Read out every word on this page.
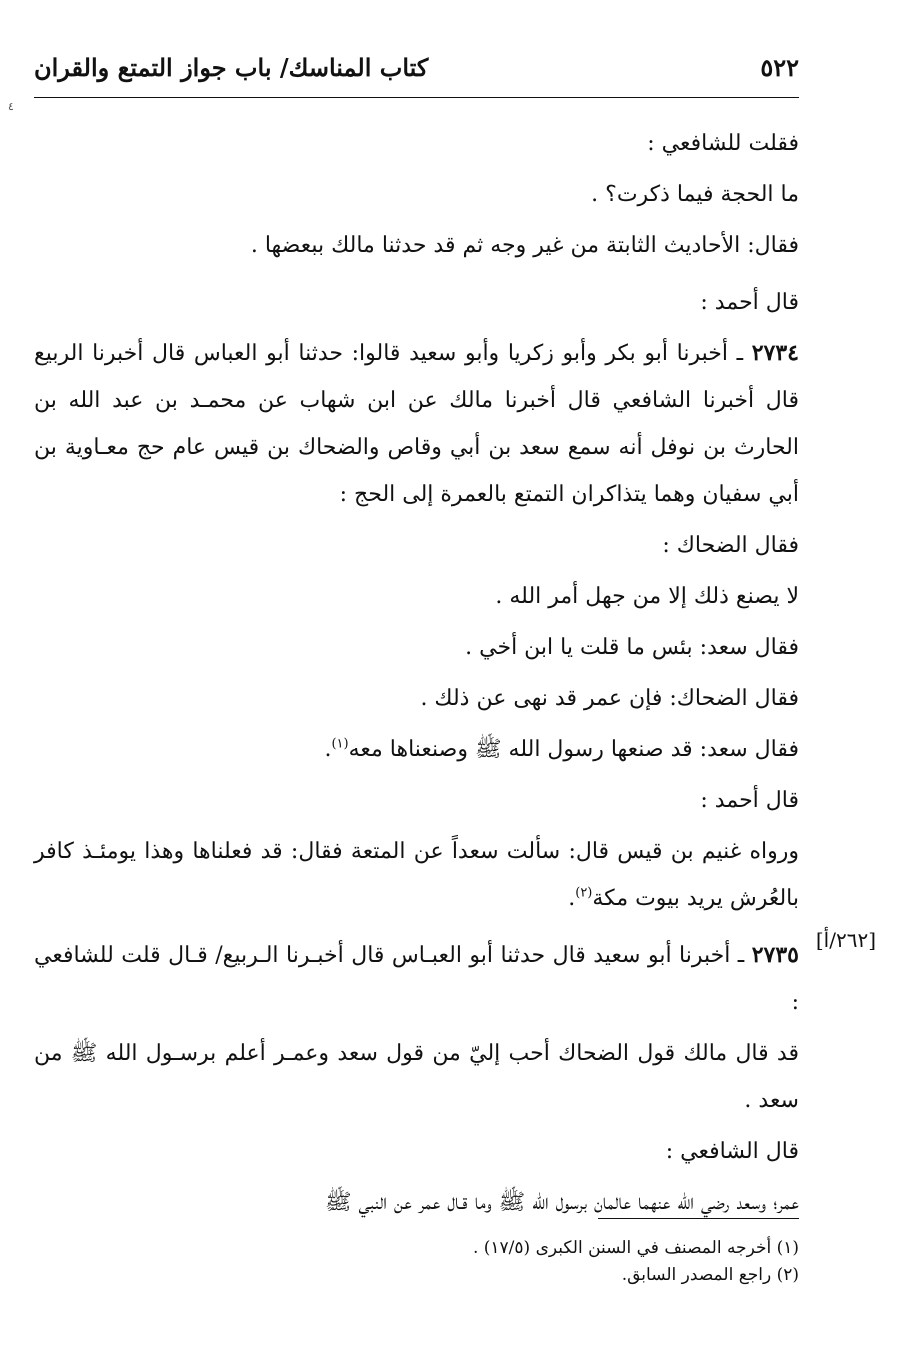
٥٢٢
كتاب المناسك/ باب جواز التمتع والقران
٤
[٢٦٢/أ]

فقلت للشافعي :

ما الحجة فيما ذكرت؟ .

فقال: الأحاديث الثابتة من غير وجه ثم قد حدثنا مالك ببعضها .

قال أحمد :

٢٧٣٤ ـ أخبرنا أبو بكر وأبو زكريا وأبو سعيد قالوا: حدثنا أبو العباس قال أخبرنا الربيع قال أخبرنا الشافعي قال أخبرنا مالك عن ابن شهاب عن محمـد بن عبد الله بن الحارث بن نوفل أنه سمع سعد بن أبي وقاص والضحاك بن قيس عام حج معـاوية بن أبي سفيان وهما يتذاكران التمتع بالعمرة إلى الحج :

فقال الضحاك :

لا يصنع ذلك إلا من جهل أمر الله .

فقال سعد: بئس ما قلت يا ابن أخي .

فقال الضحاك: فإن عمر قد نهى عن ذلك .

فقال سعد: قد صنعها رسول الله ﷺ وصنعناها معه$^{(١)}$.

قال أحمد :

ورواه غنيم بن قيس قال: سألت سعداً عن المتعة فقال: قد فعلناها وهذا يومئـذ كافر بالعُرش يريد بيوت مكة$^{(٢)}$.

٢٧٣٥ ـ أخبرنا أبو سعيد قال حدثنا أبو العبـاس قال أخبـرنا الـربيع/ قـال قلت للشافعي :

قد قال مالك قول الضحاك أحب إليّ من قول سعد وعمـر أعلم برسـول الله ﷺ من سعد .

قال الشافعي :

عمر؛ وسعد رضي الله عنهما عالمان برسول الله ﷺ وما قـال عمر عن النبي ﷺ

(١) أخرجه المصنف في السنن الكبرى (١٧/٥) .
(٢) راجع المصدر السابق.
